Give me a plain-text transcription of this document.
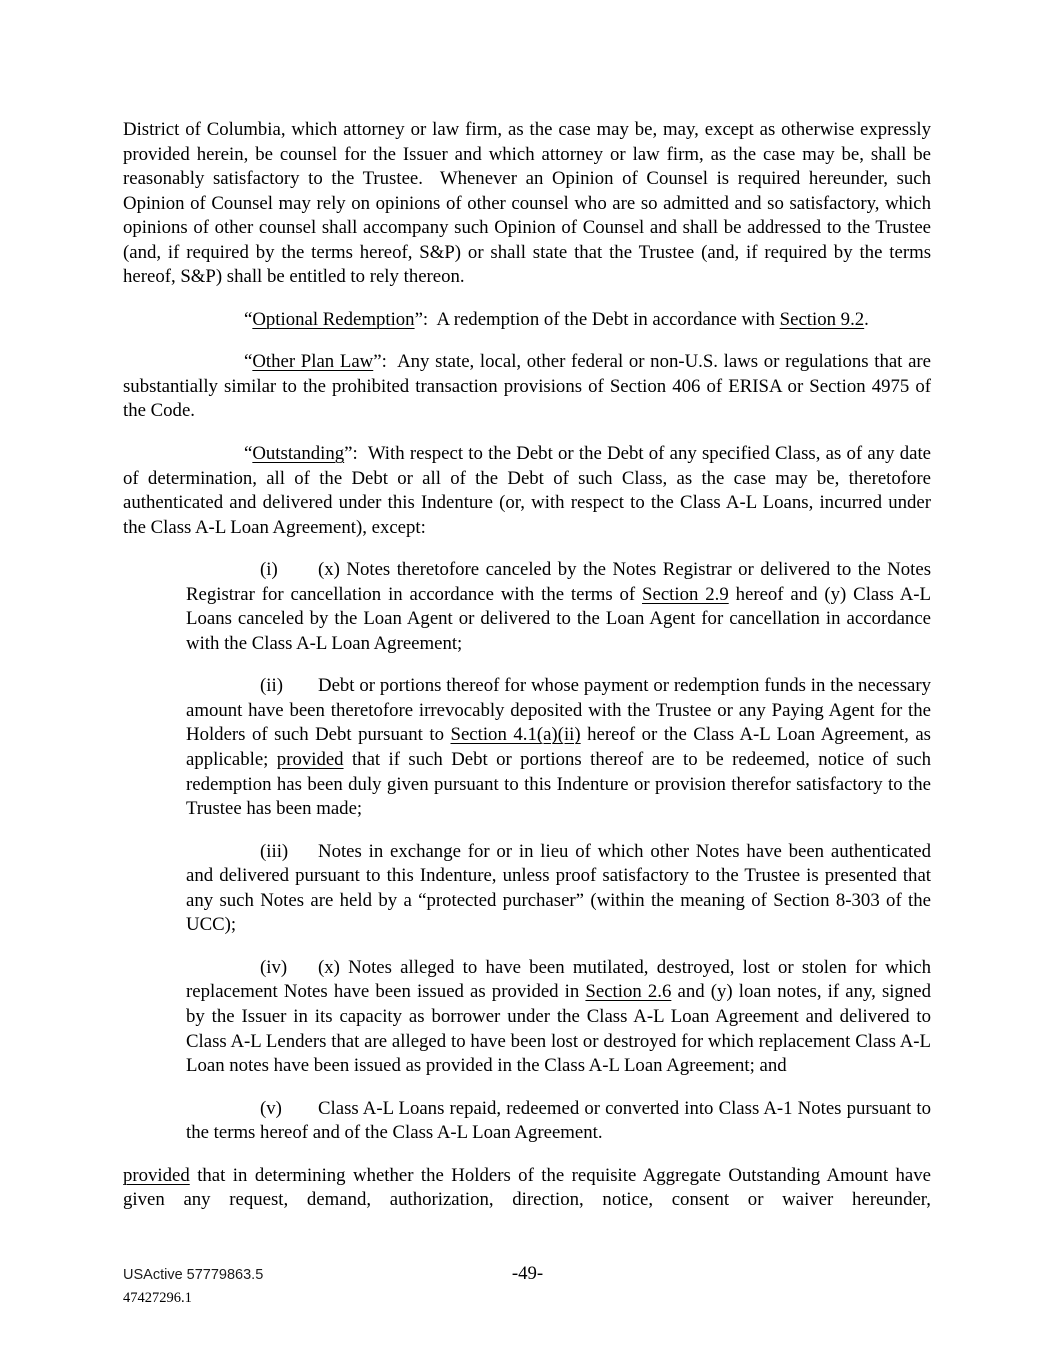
District of Columbia, which attorney or law firm, as the case may be, may, except as otherwise expressly provided herein, be counsel for the Issuer and which attorney or law firm, as the case may be, shall be reasonably satisfactory to the Trustee.  Whenever an Opinion of Counsel is required hereunder, such Opinion of Counsel may rely on opinions of other counsel who are so admitted and so satisfactory, which opinions of other counsel shall accompany such Opinion of Counsel and shall be addressed to the Trustee (and, if required by the terms hereof, S&P) or shall state that the Trustee (and, if required by the terms hereof, S&P) shall be entitled to rely thereon.

“Optional Redemption”:  A redemption of the Debt in accordance with Section 9.2.

“Other Plan Law”:  Any state, local, other federal or non-U.S. laws or regulations that are substantially similar to the prohibited transaction provisions of Section 406 of ERISA or Section 4975 of the Code.

“Outstanding”:  With respect to the Debt or the Debt of any specified Class, as of any date of determination, all of the Debt or all of the Debt of such Class, as the case may be, theretofore authenticated and delivered under this Indenture (or, with respect to the Class A-L Loans, incurred under the Class A-L Loan Agreement), except:

(i) (x) Notes theretofore canceled by the Notes Registrar or delivered to the Notes Registrar for cancellation in accordance with the terms of Section 2.9 hereof and (y) Class A-L Loans canceled by the Loan Agent or delivered to the Loan Agent for cancellation in accordance with the Class A-L Loan Agreement;

(ii) Debt or portions thereof for whose payment or redemption funds in the necessary amount have been theretofore irrevocably deposited with the Trustee or any Paying Agent for the Holders of such Debt pursuant to Section 4.1(a)(ii) hereof or the Class A-L Loan Agreement, as applicable; provided that if such Debt or portions thereof are to be redeemed, notice of such redemption has been duly given pursuant to this Indenture or provision therefor satisfactory to the Trustee has been made;

(iii) Notes in exchange for or in lieu of which other Notes have been authenticated and delivered pursuant to this Indenture, unless proof satisfactory to the Trustee is presented that any such Notes are held by a “protected purchaser” (within the meaning of Section 8-303 of the UCC);

(iv) (x) Notes alleged to have been mutilated, destroyed, lost or stolen for which replacement Notes have been issued as provided in Section 2.6 and (y) loan notes, if any, signed by the Issuer in its capacity as borrower under the Class A-L Loan Agreement and delivered to Class A-L Lenders that are alleged to have been lost or destroyed for which replacement Class A-L Loan notes have been issued as provided in the Class A-L Loan Agreement; and

(v) Class A-L Loans repaid, redeemed or converted into Class A-1 Notes pursuant to the terms hereof and of the Class A-L Loan Agreement.

provided that in determining whether the Holders of the requisite Aggregate Outstanding Amount have given any request, demand, authorization, direction, notice, consent or waiver hereunder,

USActive 57779863.5
47427296.1
-49-
